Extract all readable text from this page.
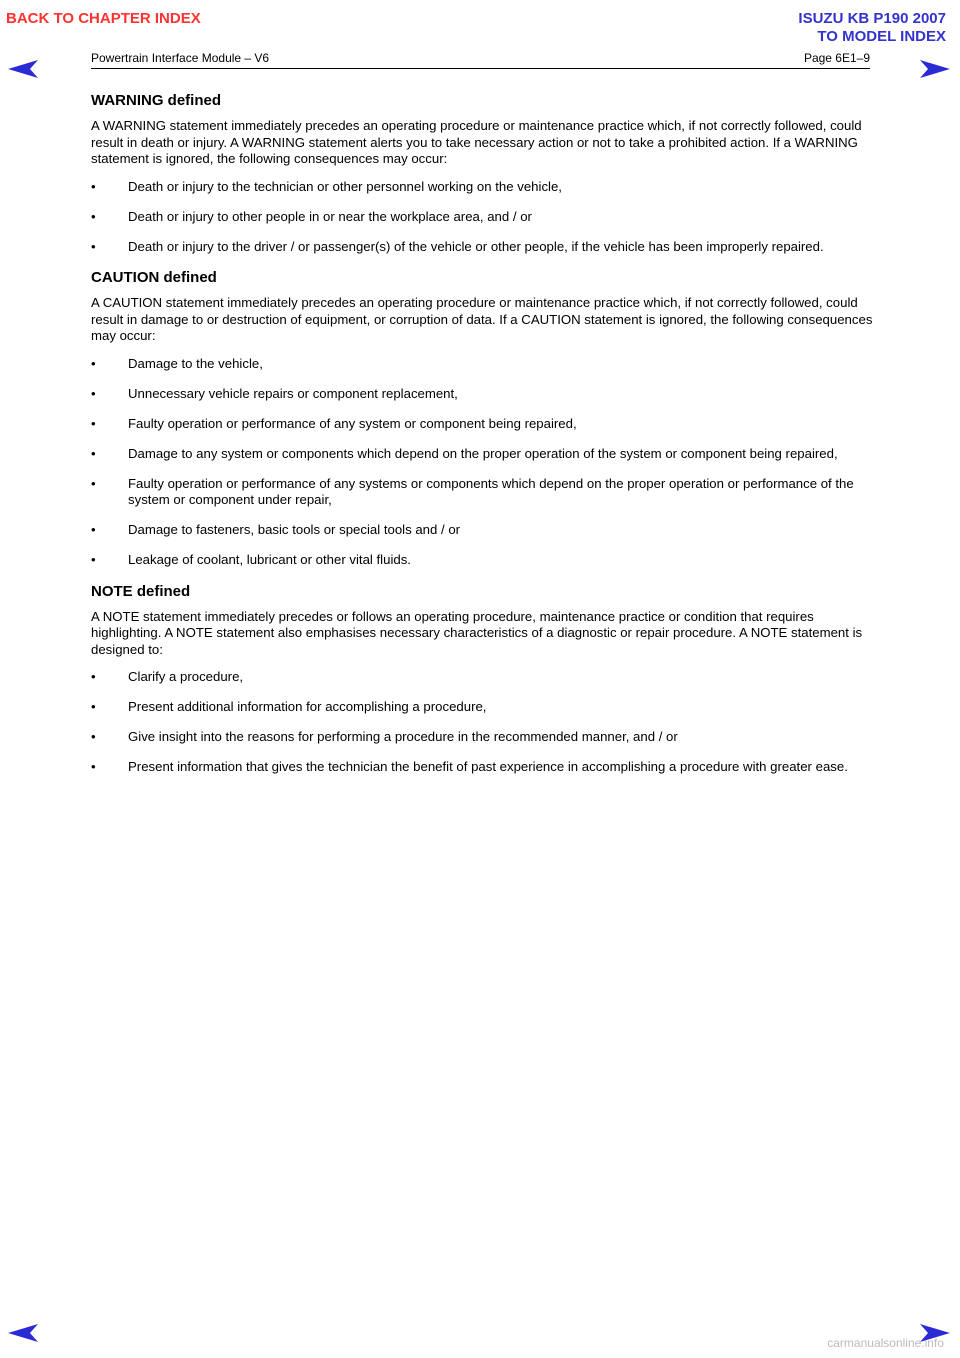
BACK TO CHAPTER INDEX	ISUZU KB P190 2007
TO MODEL INDEX
Powertrain Interface Module – V6	Page 6E1–9
WARNING defined

A WARNING statement immediately precedes an operating procedure or maintenance practice which, if not correctly followed, could result in death or injury. A WARNING statement alerts you to take necessary action or not to take a prohibited action. If a WARNING statement is ignored, the following consequences may occur:

• Death or injury to the technician or other personnel working on the vehicle,
• Death or injury to other people in or near the workplace area, and / or
• Death or injury to the driver / or passenger(s) of the vehicle or other people, if the vehicle has been improperly repaired.
CAUTION defined

A CAUTION statement immediately precedes an operating procedure or maintenance practice which, if not correctly followed, could result in damage to or destruction of equipment, or corruption of data. If a CAUTION statement is ignored, the following consequences may occur:

• Damage to the vehicle,
• Unnecessary vehicle repairs or component replacement,
• Faulty operation or performance of any system or component being repaired,
• Damage to any system or components which depend on the proper operation of the system or component being repaired,
• Faulty operation or performance of any systems or components which depend on the proper operation or performance of the system or component under repair,
• Damage to fasteners, basic tools or special tools and / or
• Leakage of coolant, lubricant or other vital fluids.
NOTE defined

A NOTE statement immediately precedes or follows an operating procedure, maintenance practice or condition that requires highlighting. A NOTE statement also emphasises necessary characteristics of a diagnostic or repair procedure. A NOTE statement is designed to:

• Clarify a procedure,
• Present additional information for accomplishing a procedure,
• Give insight into the reasons for performing a procedure in the recommended manner, and / or
• Present information that gives the technician the benefit of past experience in accomplishing a procedure with greater ease.
carmanualsonline.info
